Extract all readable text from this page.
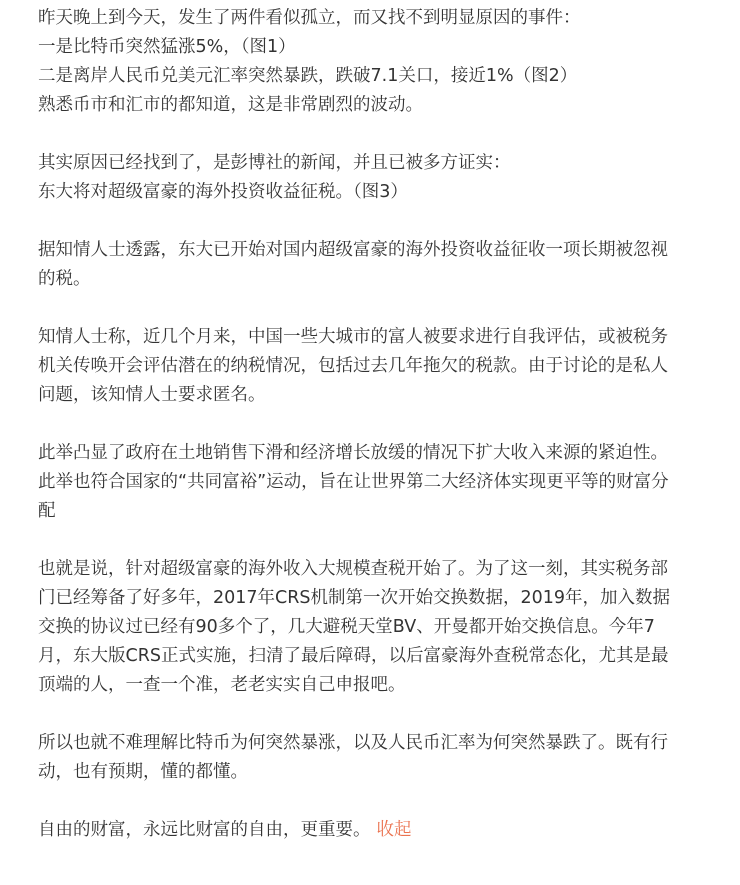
昨天晚上到今天，发生了两件看似孤立，而又找不到明显原因的事件：
一是比特币突然猛涨5%，（图1）
二是离岸人民币兑美元汇率突然暴跌，跌破7.1关口，接近1%（图2）
熟悉币市和汇市的都知道，这是非常剧烈的波动。
其实原因已经找到了，是彭博社的新闻，并且已被多方证实：
东大将对超级富豪的海外投资收益征税。（图3）
据知情人士透露，东大已开始对国内超级富豪的海外投资收益征收一项长期被忽视
的税。
知情人士称，近几个月来，中国一些大城市的富人被要求进行自我评估，或被税务
机关传唤开会评估潜在的纳税情况，包括过去几年拖欠的税款。由于讨论的是私人
问题，该知情人士要求匿名。
此举凸显了政府在土地销售下滑和经济增长放缓的情况下扩大收入来源的紧迫性。
此举也符合国家的“共同富裕”运动，旨在让世界第二大经济体实现更平等的财富分
配
也就是说，针对超级富豪的海外收入大规模查税开始了。为了这一刻，其实税务部
门已经筹备了好多年，2017年CRS机制第一次开始交换数据，2019年，加入数据
交换的协议过已经有90多个了，几大避税天堂BV、开曼都开始交换信息。今年7
月，东大版CRS正式实施，扫清了最后障碍，以后富豪海外查税常态化，尤其是最
顶端的人，一查一个准，老老实实自己申报吧。
所以也就不难理解比特币为何突然暴涨，以及人民币汇率为何突然暴跌了。既有行
动，也有预期，懂的都懂。
自由的财富，永远比财富的自由，更重要。 收起
